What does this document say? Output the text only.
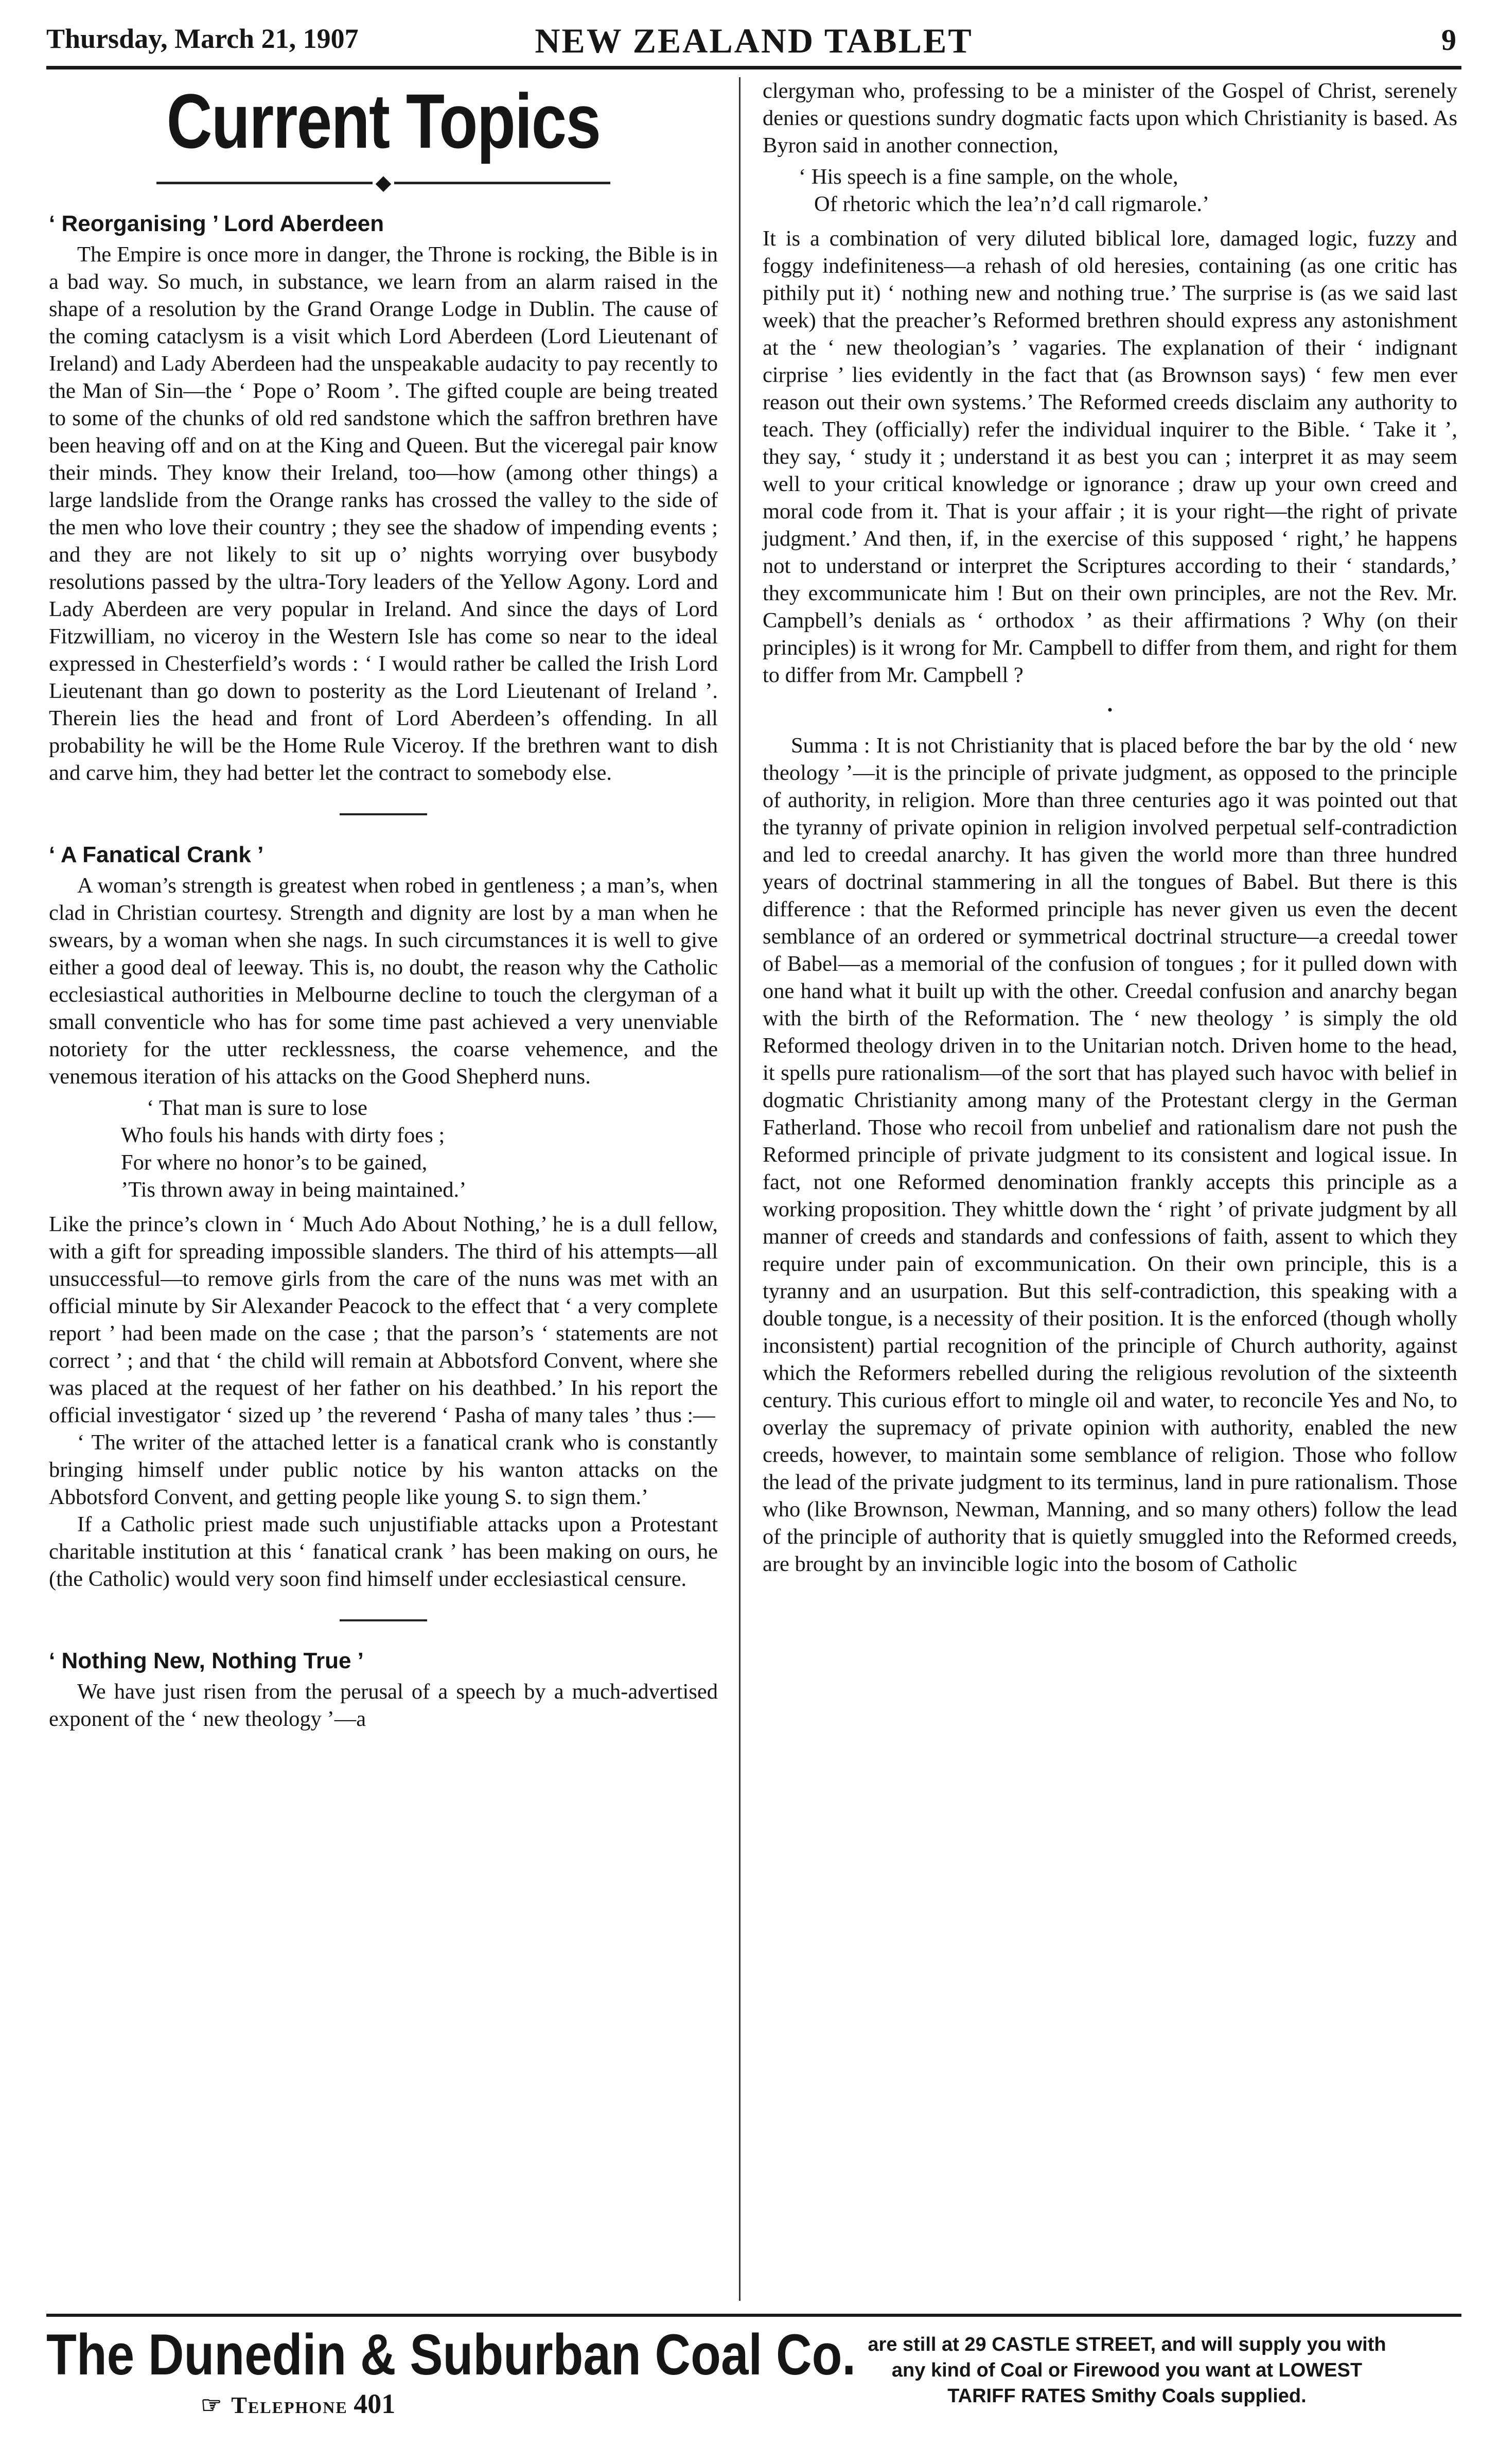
Thursday, March 21, 1907	NEW ZEALAND TABLET	9
Current Topics
◆
‘ Reorganising ’ Lord Aberdeen

The Empire is once more in danger, the Throne is rocking, the Bible is in a bad way. So much, in substance, we learn from an alarm raised in the shape of a resolution by the Grand Orange Lodge in Dublin. The cause of the coming cataclysm is a visit which Lord Aberdeen (Lord Lieutenant of Ireland) and Lady Aberdeen had the unspeakable audacity to pay recently to the Man of Sin—the ‘ Pope o’ Room ’. The gifted couple are being treated to some of the chunks of old red sandstone which the saffron brethren have been heaving off and on at the King and Queen. But the viceregal pair know their minds. They know their Ireland, too—how (among other things) a large landslide from the Orange ranks has crossed the valley to the side of the men who love their country ; they see the shadow of impending events ; and they are not likely to sit up o’ nights worrying over busybody resolutions passed by the ultra-Tory leaders of the Yellow Agony. Lord and Lady Aberdeen are very popular in Ireland. And since the days of Lord Fitzwilliam, no viceroy in the Western Isle has come so near to the ideal expressed in Chesterfield’s words : ‘ I would rather be called the Irish Lord Lieutenant than go down to posterity as the Lord Lieutenant of Ireland ’. Therein lies the head and front of Lord Aberdeen’s offending. In all probability he will be the Home Rule Viceroy. If the brethren want to dish and carve him, they had better let the contract to somebody else.

‘ A Fanatical Crank ’

A woman’s strength is greatest when robed in gentleness ; a man’s, when clad in Christian courtesy. Strength and dignity are lost by a man when he swears, by a woman when she nags. In such circumstances it is well to give either a good deal of leeway. This is, no doubt, the reason why the Catholic ecclesiastical authorities in Melbourne decline to touch the clergyman of a small conventicle who has for some time past achieved a very unenviable notoriety for the utter recklessness, the coarse vehemence, and the venemous iteration of his attacks on the Good Shepherd nuns.

‘ That man is sure to lose
Who fouls his hands with dirty foes ;
For where no honor’s to be gained,
’Tis thrown away in being maintained.’

Like the prince’s clown in ‘ Much Ado About Nothing,’ he is a dull fellow, with a gift for spreading impossible slanders. The third of his attempts—all unsuccessful—to remove girls from the care of the nuns was met with an official minute by Sir Alexander Peacock to the effect that ‘ a very complete report ’ had been made on the case ; that the parson’s ‘ statements are not correct ’ ; and that ‘ the child will remain at Abbotsford Convent, where she was placed at the request of her father on his deathbed.’ In his report the official investigator ‘ sized up ’ the reverend ‘ Pasha of many tales ’ thus :—

‘ The writer of the attached letter is a fanatical crank who is constantly bringing himself under public notice by his wanton attacks on the Abbotsford Convent, and getting people like young S. to sign them.’

If a Catholic priest made such unjustifiable attacks upon a Protestant charitable institution at this ‘ fanatical crank ’ has been making on ours, he (the Catholic) would very soon find himself under ecclesiastical censure.

‘ Nothing New, Nothing True ’

We have just risen from the perusal of a speech by a much-advertised exponent of the ‘ new theology ’—a

clergyman who, professing to be a minister of the Gospel of Christ, serenely denies or questions sundry dogmatic facts upon which Christianity is based. As Byron said in another connection,

‘ His speech is a fine sample, on the whole,
Of rhetoric which the lea’n’d call rigmarole.’

It is a combination of very diluted biblical lore, damaged logic, fuzzy and foggy indefiniteness—a rehash of old heresies, containing (as one critic has pithily put it) ‘ nothing new and nothing true.’ The surprise is (as we said last week) that the preacher’s Reformed brethren should express any astonishment at the ‘ new theologian’s ’ vagaries. The explanation of their ‘ indignant cirprise ’ lies evidently in the fact that (as Brownson says) ‘ few men ever reason out their own systems.’ The Reformed creeds disclaim any authority to teach. They (officially) refer the individual inquirer to the Bible. ‘ Take it ’, they say, ‘ study it ; understand it as best you can ; interpret it as may seem well to your critical knowledge or ignorance ; draw up your own creed and moral code from it. That is your affair ; it is your right—the right of private judgment.’ And then, if, in the exercise of this supposed ‘ right,’ he happens not to understand or interpret the Scriptures according to their ‘ standards,’ they excommunicate him ! But on their own principles, are not the Rev. Mr. Campbell’s denials as ‘ orthodox ’ as their affirmations ? Why (on their principles) is it wrong for Mr. Campbell to differ from them, and right for them to differ from Mr. Campbell ?

•

Summa : It is not Christianity that is placed before the bar by the old ‘ new theology ’—it is the principle of private judgment, as opposed to the principle of authority, in religion. More than three centuries ago it was pointed out that the tyranny of private opinion in religion involved perpetual self-contradiction and led to creedal anarchy. It has given the world more than three hundred years of doctrinal stammering in all the tongues of Babel. But there is this difference : that the Reformed principle has never given us even the decent semblance of an ordered or symmetrical doctrinal structure—a creedal tower of Babel—as a memorial of the confusion of tongues ; for it pulled down with one hand what it built up with the other. Creedal confusion and anarchy began with the birth of the Reformation. The ‘ new theology ’ is simply the old Reformed theology driven in to the Unitarian notch. Driven home to the head, it spells pure rationalism—of the sort that has played such havoc with belief in dogmatic Christianity among many of the Protestant clergy in the German Fatherland. Those who recoil from unbelief and rationalism dare not push the Reformed principle of private judgment to its consistent and logical issue. In fact, not one Reformed denomination frankly accepts this principle as a working proposition. They whittle down the ‘ right ’ of private judgment by all manner of creeds and standards and confessions of faith, assent to which they require under pain of excommunication. On their own principle, this is a tyranny and an usurpation. But this self-contradiction, this speaking with a double tongue, is a necessity of their position. It is the enforced (though wholly inconsistent) partial recognition of the principle of Church authority, against which the Reformers rebelled during the religious revolution of the sixteenth century. This curious effort to mingle oil and water, to reconcile Yes and No, to overlay the supremacy of private opinion with authority, enabled the new creeds, however, to maintain some semblance of religion. Those who follow the lead of the private judgment to its terminus, land in pure rationalism. Those who (like Brownson, Newman, Manning, and so many others) follow the lead of the principle of authority that is quietly smuggled into the Reformed creeds, are brought by an invincible logic into the bosom of Catholic

The Dunedin & Suburban Coal Co.
☞ Telephone 401
are still at 29 CASTLE STREET, and will supply you with
any kind of Coal or Firewood you want at LOWEST
TARIFF RATES Smithy Coals supplied.
